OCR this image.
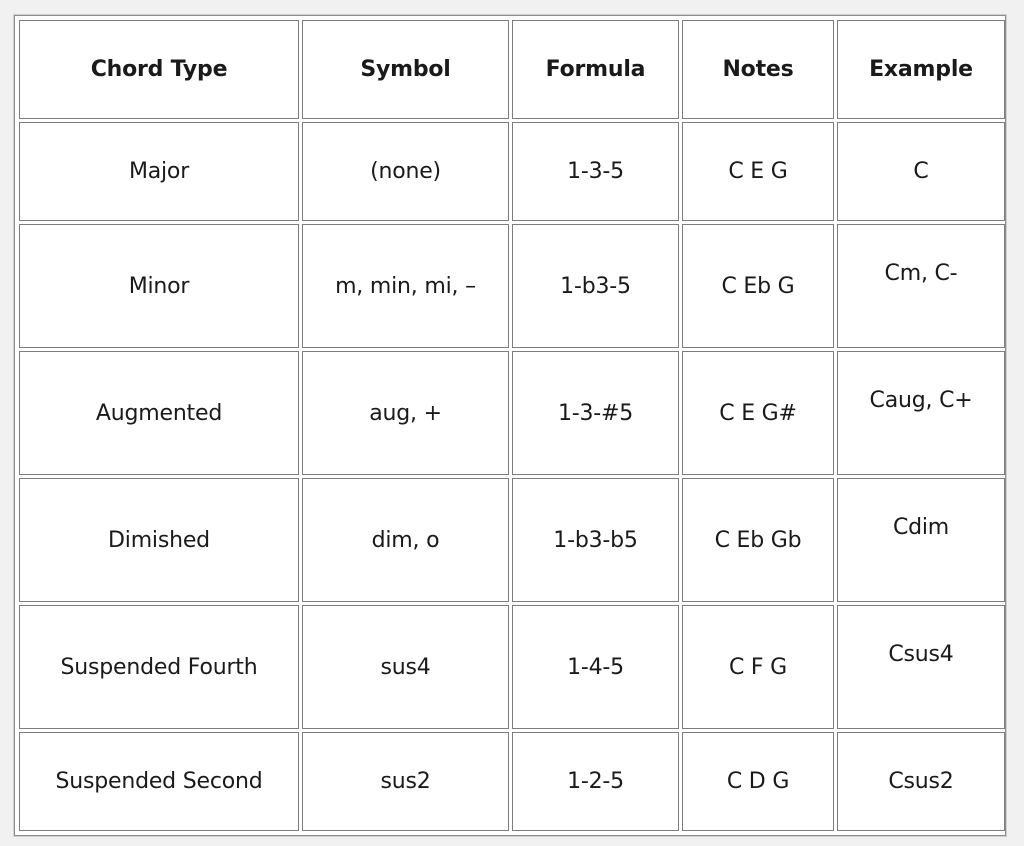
Chord Type	Symbol	Formula	Notes	Example
Major	(none)	1-3-5	C E G	C
Minor	m, min, mi, –	1-b3-5	C Eb G	Cm, C-
Augmented	aug, +	1-3-#5	C E G#	Caug, C+
Dimished	dim, o	1-b3-b5	C Eb Gb	Cdim
Suspended Fourth	sus4	1-4-5	C F G	Csus4
Suspended Second	sus2	1-2-5	C D G	Csus2
